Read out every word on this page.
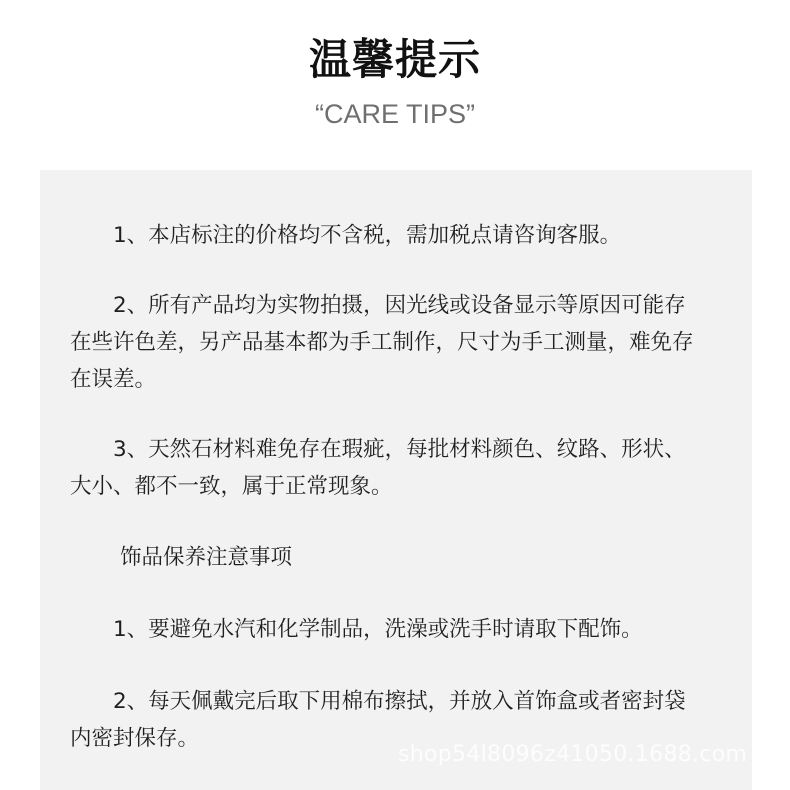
温馨提示
“CARE TIPS”

1、本店标注的价格均不含税，需加税点请咨询客服。

2、所有产品均为实物拍摄，因光线或设备显示等原因可能存在些许色差，另产品基本都为手工制作，尺寸为手工测量，难免存在误差。

3、天然石材料难免存在瑕疵，每批材料颜色、纹路、形状、大小、都不一致，属于正常现象。

饰品保养注意事项

1、要避免水汽和化学制品，洗澡或洗手时请取下配饰。

2、每天佩戴完后取下用棉布擦拭，并放入首饰盒或者密封袋内密封保存。

shop54l8096z41050.1688.com
